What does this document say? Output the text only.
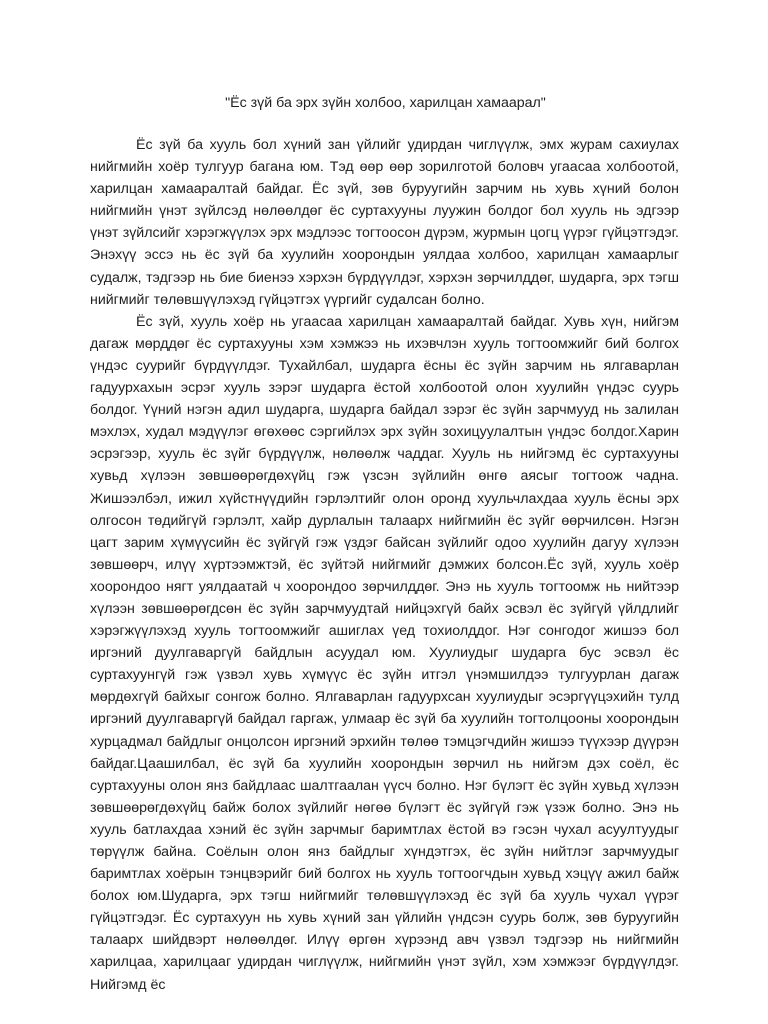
"Ёс зүй ба эрх зүйн холбоо, харилцан хамаарал"

Ёс зүй ба хууль бол хүний зан үйлийг удирдан чиглүүлж, эмх журам сахиулах нийгмийн хоёр тулгуур багана юм. Тэд өөр өөр зорилготой боловч угаасаа холбоотой, харилцан хамааралтай байдаг. Ёс зүй, зөв буруугийн зарчим нь хувь хүний болон нийгмийн үнэт зүйлсэд нөлөөлдөг ёс суртахууны луужин болдог бол хууль нь эдгээр үнэт зүйлсийг хэрэгжүүлэх эрх мэдлээс тогтоосон дүрэм, журмын цогц үүрэг гүйцэтгэдэг. Энэхүү эссэ нь ёс зүй ба хуулийн хоорондын уялдаа холбоо, харилцан хамаарлыг судалж, тэдгээр нь бие биенээ хэрхэн бүрдүүлдэг, хэрхэн зөрчилддөг, шударга, эрх тэгш нийгмийг төлөвшүүлэхэд гүйцэтгэх үүргийг судалсан болно.

Ёс зүй, хууль хоёр нь угаасаа харилцан хамааралтай байдаг. Хувь хүн, нийгэм дагаж мөрддөг ёс суртахууны хэм хэмжээ нь ихэвчлэн хууль тогтоомжийг бий болгох үндэс суурийг бүрдүүлдэг. Тухайлбал, шударга ёсны ёс зүйн зарчим нь ялгаварлан гадуурхахын эсрэг хууль зэрэг шударга ёстой холбоотой олон хуулийн үндэс суурь болдог. Үүний нэгэн адил шударга, шударга байдал зэрэг ёс зүйн зарчмууд нь залилан мэхлэх, худал мэдүүлэг өгөхөөс сэргийлэх эрх зүйн зохицуулалтын үндэс болдог.Харин эсрэгээр, хууль ёс зүйг бүрдүүлж, нөлөөлж чаддаг. Хууль нь нийгэмд ёс суртахууны хувьд хүлээн зөвшөөрөгдөхүйц гэж үзсэн зүйлийн өнгө аясыг тогтоож чадна. Жишээлбэл, ижил хүйстнүүдийн гэрлэлтийг олон оронд хуульчлахдаа хууль ёсны эрх олгосон төдийгүй гэрлэлт, хайр дурлалын талаарх нийгмийн ёс зүйг өөрчилсөн. Нэгэн цагт зарим хүмүүсийн ёс зүйгүй гэж үздэг байсан зүйлийг одоо хуулийн дагуу хүлээн зөвшөөрч, илүү хүртээмжтэй, ёс зүйтэй нийгмийг дэмжих болсон.Ёс зүй, хууль хоёр хоорондоо нягт уялдаатай ч хоорондоо зөрчилддөг. Энэ нь хууль тогтоомж нь нийтээр хүлээн зөвшөөрөгдсөн ёс зүйн зарчмуудтай нийцэхгүй байх эсвэл ёс зүйгүй үйлдлийг хэрэгжүүлэхэд хууль тогтоомжийг ашиглах үед тохиолддог. Нэг сонгодог жишээ бол иргэний дуулгаваргүй байдлын асуудал юм. Хуулиудыг шударга бус эсвэл ёс суртахуунгүй гэж үзвэл хувь хүмүүс ёс зүйн итгэл үнэмшилдээ тулгуурлан дагаж мөрдөхгүй байхыг сонгож болно. Ялгаварлан гадуурхсан хуулиудыг эсэргүүцэхийн тулд иргэний дуулгаваргүй байдал гаргаж, улмаар ёс зүй ба хуулийн тогтолцооны хоорондын хурцадмал байдлыг онцолсон иргэний эрхийн төлөө тэмцэгчдийн жишээ түүхээр дүүрэн байдаг.Цаашилбал, ёс зүй ба хуулийн хоорондын зөрчил нь нийгэм дэх соёл, ёс суртахууны олон янз байдлаас шалтгаалан үүсч болно. Нэг бүлэгт ёс зүйн хувьд хүлээн зөвшөөрөгдөхүйц байж болох зүйлийг нөгөө бүлэгт ёс зүйгүй гэж үзэж болно. Энэ нь хууль батлахдаа хэний ёс зүйн зарчмыг баримтлах ёстой вэ гэсэн чухал асуултуудыг төрүүлж байна. Соёлын олон янз байдлыг хүндэтгэх, ёс зүйн нийтлэг зарчмуудыг баримтлах хоёрын тэнцвэрийг бий болгох нь хууль тогтоогчдын хувьд хэцүү ажил байж болох юм.Шударга, эрх тэгш нийгмийг төлөвшүүлэхэд ёс зүй ба хууль чухал үүрэг гүйцэтгэдэг. Ёс суртахуун нь хувь хүний зан үйлийн үндсэн суурь болж, зөв буруугийн талаарх шийдвэрт нөлөөлдөг. Илүү өргөн хүрээнд авч үзвэл тэдгээр нь нийгмийн харилцаа, харилцааг удирдан чиглүүлж, нийгмийн үнэт зүйл, хэм хэмжээг бүрдүүлдэг. Нийгэмд ёс
